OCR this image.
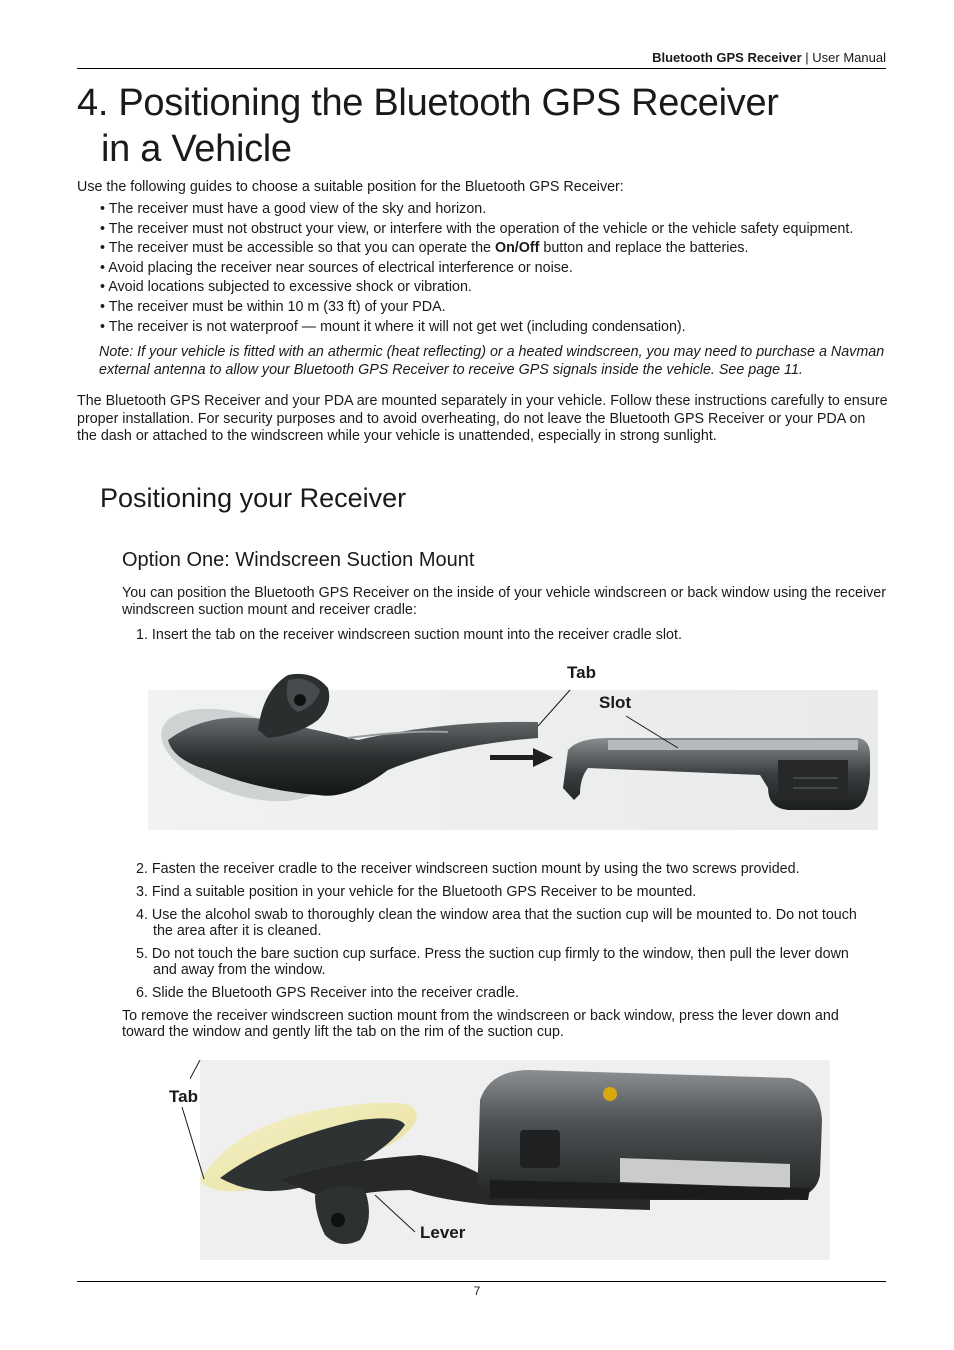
Bluetooth GPS Receiver | User Manual
4. Positioning the Bluetooth GPS Receiver
in a Vehicle
Use the following guides to choose a suitable position for the Bluetooth GPS Receiver:
• The receiver must have a good view of the sky and horizon.
• The receiver must not obstruct your view, or interfere with the operation of the vehicle or the vehicle safety equipment.
• The receiver must be accessible so that you can operate the On/Off button and replace the batteries.
• Avoid placing the receiver near sources of electrical interference or noise.
• Avoid locations subjected to excessive shock or vibration.
• The receiver must be within 10 m (33 ft) of your PDA.
• The receiver is not waterproof — mount it where it will not get wet (including condensation).
Note: If your vehicle is fitted with an athermic (heat reflecting) or a heated windscreen, you may need to purchase a Navman external antenna to allow your Bluetooth GPS Receiver to receive GPS signals inside the vehicle. See page 11.
The Bluetooth GPS Receiver and your PDA are mounted separately in your vehicle. Follow these instructions carefully to ensure proper installation. For security purposes and to avoid overheating, do not leave the Bluetooth GPS Receiver or your PDA on the dash or attached to the windscreen while your vehicle is unattended, especially in strong sunlight.
Positioning your Receiver
Option One: Windscreen Suction Mount
You can position the Bluetooth GPS Receiver on the inside of your vehicle windscreen or back window using the receiver windscreen suction mount and receiver cradle:
1. Insert the tab on the receiver windscreen suction mount into the receiver cradle slot.
Tab
Slot
2. Fasten the receiver cradle to the receiver windscreen suction mount by using the two screws provided.
3. Find a suitable position in your vehicle for the Bluetooth GPS Receiver to be mounted.
4. Use the alcohol swab to thoroughly clean the window area that the suction cup will be mounted to. Do not touch the area after it is cleaned.
5. Do not touch the bare suction cup surface. Press the suction cup firmly to the window, then pull the lever down and away from the window.
6. Slide the Bluetooth GPS Receiver into the receiver cradle.
To remove the receiver windscreen suction mount from the windscreen or back window, press the lever down and toward the window and gently lift the tab on the rim of the suction cup.
Tab
Lever
7
